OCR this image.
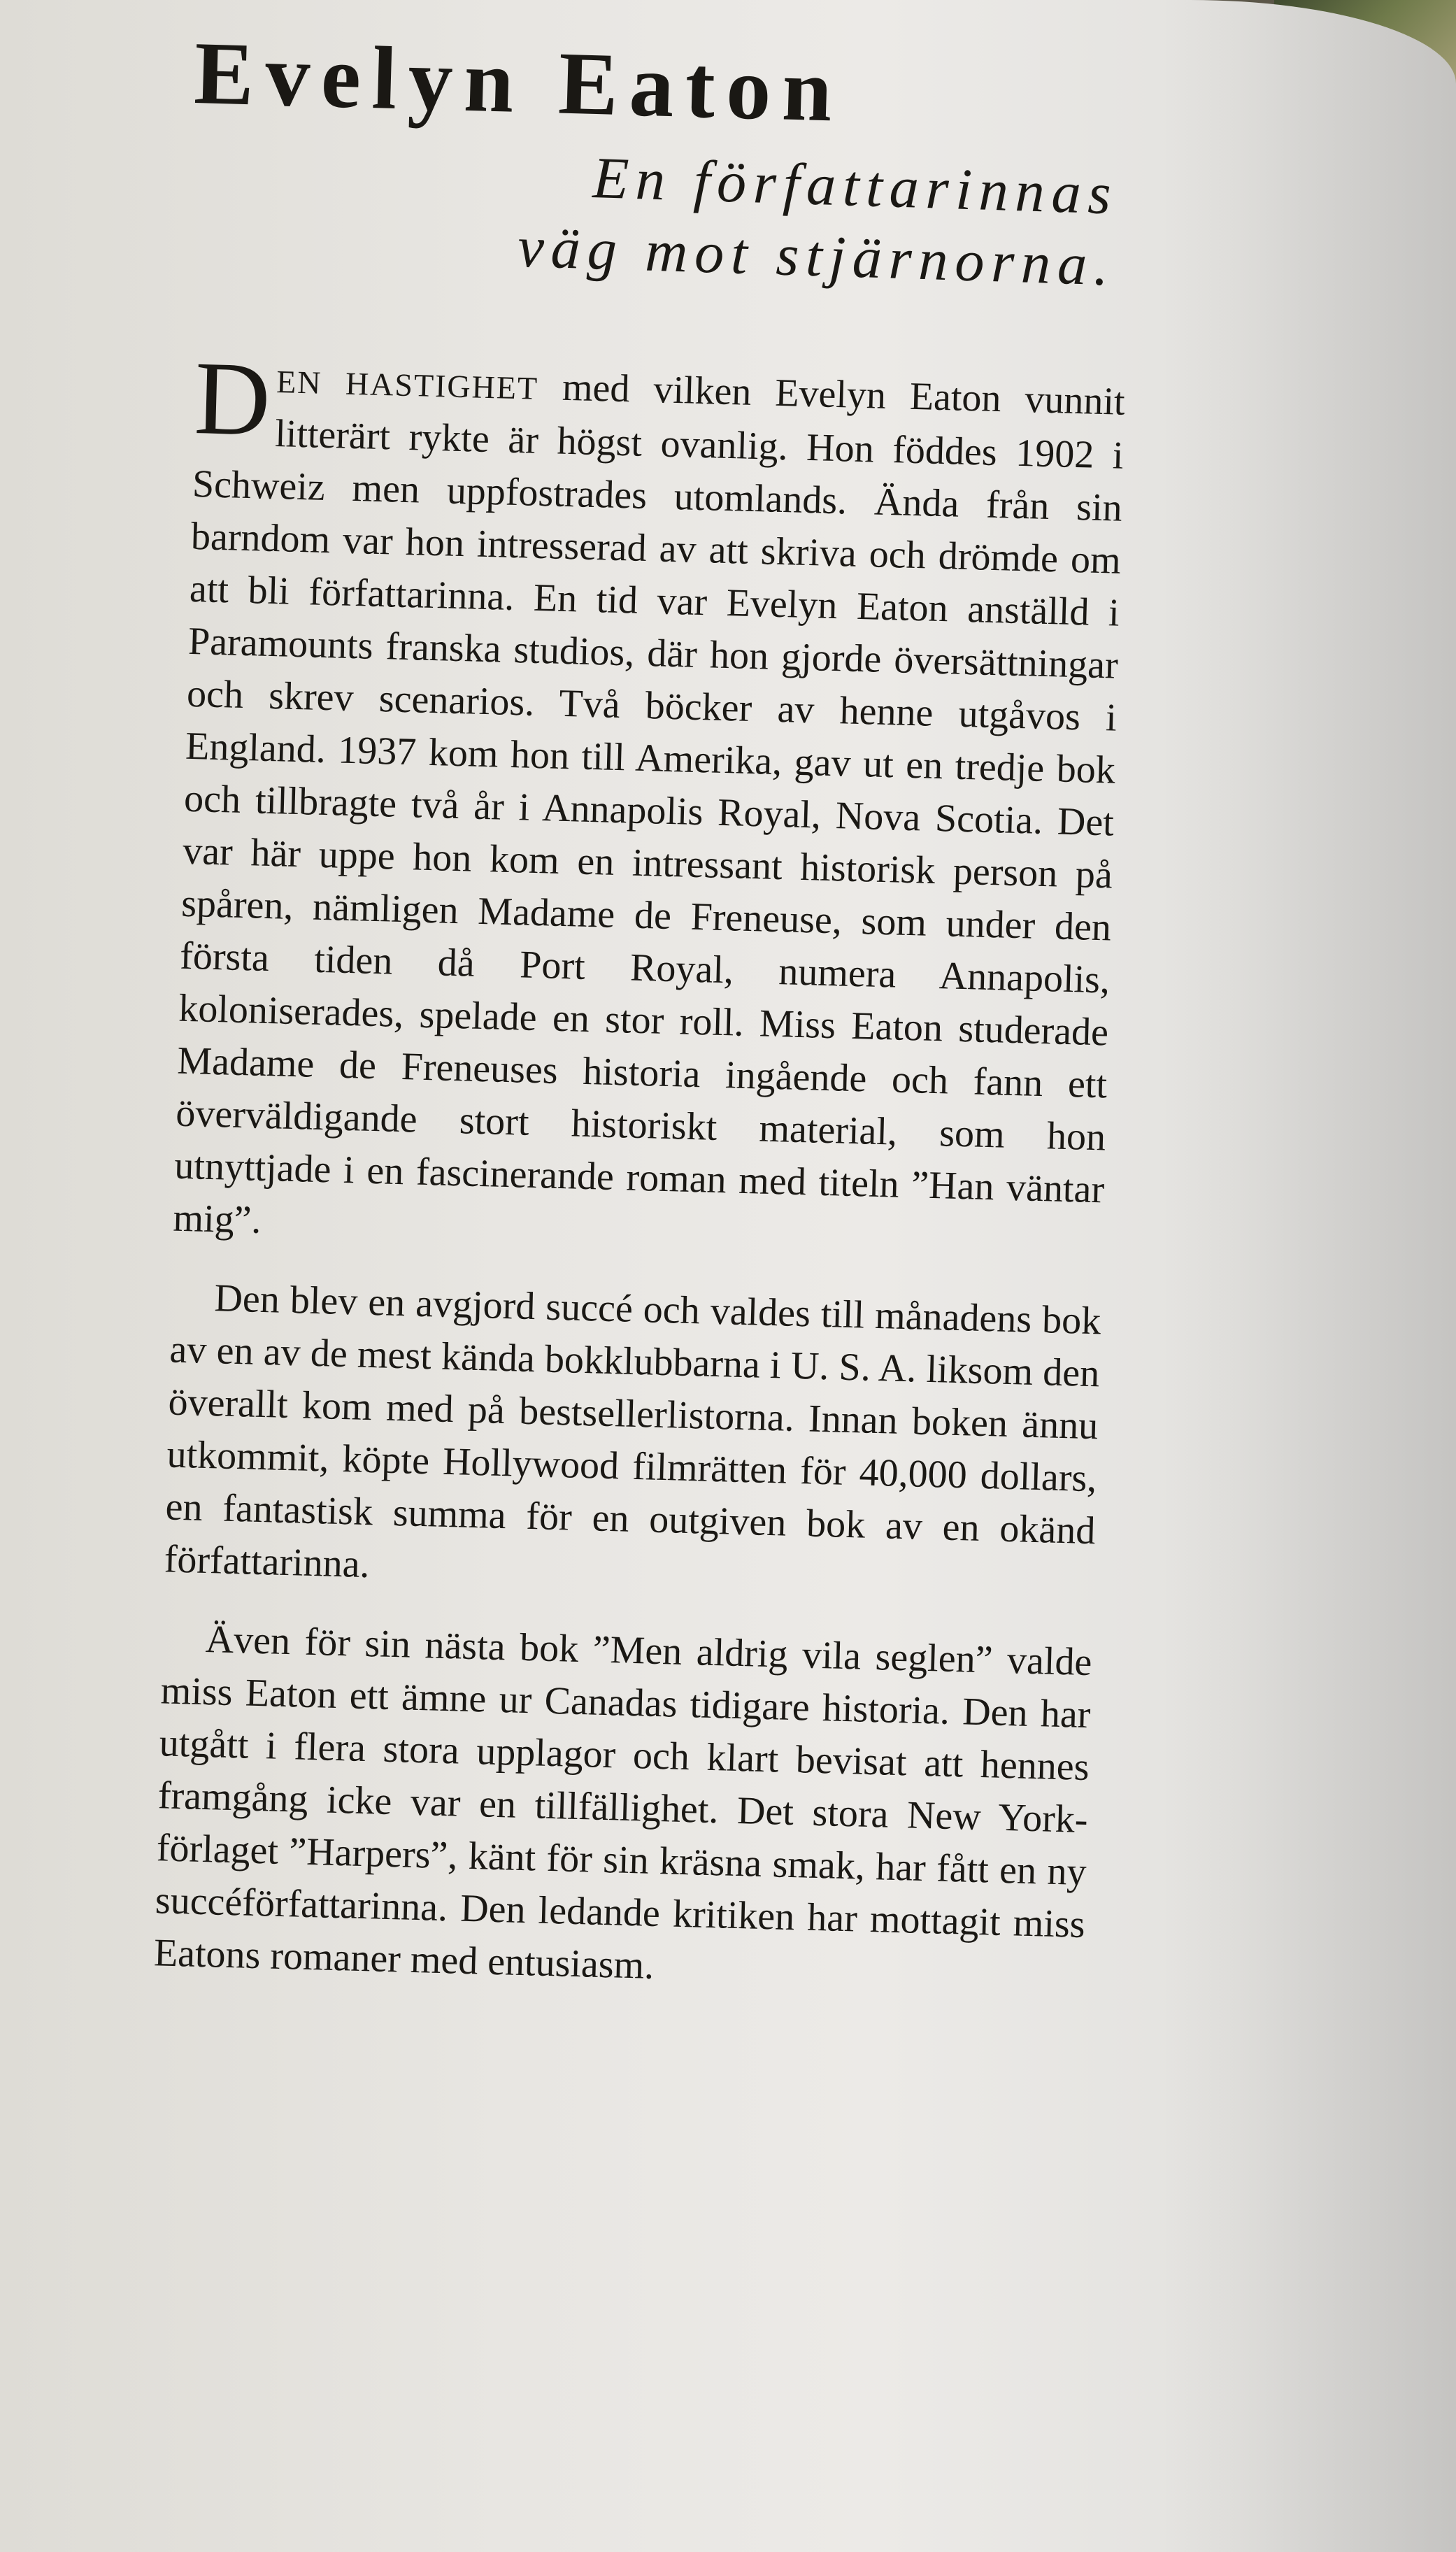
Evelyn Eaton
En författarinnas
väg mot stjärnorna.

DEN HASTIGHET med vilken Evelyn Eaton vunnit litterärt rykte är högst ovanlig. Hon föddes 1902 i Schweiz men uppfostrades utomlands. Ända från sin barndom var hon intresserad av att skriva och drömde om att bli författarinna. En tid var Evelyn Eaton anställd i Paramounts franska studios, där hon gjorde översättningar och skrev scenarios. Två böcker av henne utgåvos i England. 1937 kom hon till Amerika, gav ut en tredje bok och tillbragte två år i Annapolis Royal, Nova Scotia. Det var här uppe hon kom en intressant historisk person på spåren, nämligen Madame de Freneuse, som under den första tiden då Port Royal, numera Annapolis, koloniserades, spelade en stor roll. Miss Eaton studerade Madame de Freneuses historia ingående och fann ett överväldigande stort historiskt material, som hon utnyttjade i en fascinerande roman med titeln ”Han väntar mig”.

Den blev en avgjord succé och valdes till månadens bok av en av de mest kända bokklubbarna i U. S. A. liksom den överallt kom med på bestsellerlistorna. Innan boken ännu utkommit, köpte Hollywood filmrätten för 40,000 dollars, en fantastisk summa för en outgiven bok av en okänd författarinna.

Även för sin nästa bok ”Men aldrig vila seglen” valde miss Eaton ett ämne ur Canadas tidigare historia. Den har utgått i flera stora upplagor och klart bevisat att hennes framgång icke var en tillfällighet. Det stora New York-förlaget ”Harpers”, känt för sin kräsna smak, har fått en ny succéförfattarinna. Den ledande kritiken har mottagit miss Eatons romaner med entusiasm.
